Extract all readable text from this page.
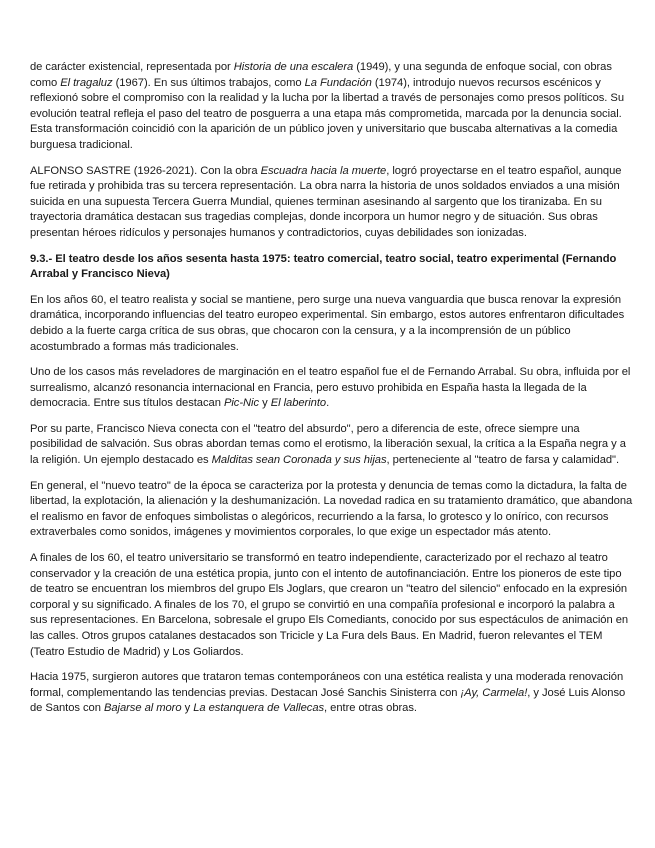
de carácter existencial, representada por Historia de una escalera (1949), y una segunda de enfoque social, con obras como El tragaluz (1967). En sus últimos trabajos, como La Fundación (1974), introdujo nuevos recursos escénicos y reflexionó sobre el compromiso con la realidad y la lucha por la libertad a través de personajes como presos políticos. Su evolución teatral refleja el paso del teatro de posguerra a una etapa más comprometida, marcada por la denuncia social. Esta transformación coincidió con la aparición de un público joven y universitario que buscaba alternativas a la comedia burguesa tradicional.

ALFONSO SASTRE (1926-2021). Con la obra Escuadra hacia la muerte, logró proyectarse en el teatro español, aunque fue retirada y prohibida tras su tercera representación. La obra narra la historia de unos soldados enviados a una misión suicida en una supuesta Tercera Guerra Mundial, quienes terminan asesinando al sargento que los tiranizaba. En su trayectoria dramática destacan sus tragedias complejas, donde incorpora un humor negro y de situación. Sus obras presentan héroes ridículos y personajes humanos y contradictorios, cuyas debilidades son ionizadas.

9.3.- El teatro desde los años sesenta hasta 1975: teatro comercial, teatro social, teatro experimental (Fernando Arrabal y Francisco Nieva)

En los años 60, el teatro realista y social se mantiene, pero surge una nueva vanguardia que busca renovar la expresión dramática, incorporando influencias del teatro europeo experimental. Sin embargo, estos autores enfrentaron dificultades debido a la fuerte carga crítica de sus obras, que chocaron con la censura, y a la incomprensión de un público acostumbrado a formas más tradicionales.

Uno de los casos más reveladores de marginación en el teatro español fue el de Fernando Arrabal. Su obra, influida por el surrealismo, alcanzó resonancia internacional en Francia, pero estuvo prohibida en España hasta la llegada de la democracia. Entre sus títulos destacan Pic-Nic y El laberinto.

Por su parte, Francisco Nieva conecta con el "teatro del absurdo", pero a diferencia de este, ofrece siempre una posibilidad de salvación. Sus obras abordan temas como el erotismo, la liberación sexual, la crítica a la España negra y a la religión. Un ejemplo destacado es Malditas sean Coronada y sus hijas, perteneciente al "teatro de farsa y calamidad".

En general, el "nuevo teatro" de la época se caracteriza por la protesta y denuncia de temas como la dictadura, la falta de libertad, la explotación, la alienación y la deshumanización. La novedad radica en su tratamiento dramático, que abandona el realismo en favor de enfoques simbolistas o alegóricos, recurriendo a la farsa, lo grotesco y lo onírico, con recursos extraverbales como sonidos, imágenes y movimientos corporales, lo que exige un espectador más atento.

A finales de los 60, el teatro universitario se transformó en teatro independiente, caracterizado por el rechazo al teatro conservador y la creación de una estética propia, junto con el intento de autofinanciación. Entre los pioneros de este tipo de teatro se encuentran los miembros del grupo Els Joglars, que crearon un "teatro del silencio" enfocado en la expresión corporal y su significado. A finales de los 70, el grupo se convirtió en una compañía profesional e incorporó la palabra a sus representaciones. En Barcelona, sobresale el grupo Els Comediants, conocido por sus espectáculos de animación en las calles. Otros grupos catalanes destacados son Tricicle y La Fura dels Baus. En Madrid, fueron relevantes el TEM (Teatro Estudio de Madrid) y Los Goliardos.

Hacia 1975, surgieron autores que trataron temas contemporáneos con una estética realista y una moderada renovación formal, complementando las tendencias previas. Destacan José Sanchis Sinisterra con ¡Ay, Carmela!, y José Luis Alonso de Santos con Bajarse al moro y La estanquera de Vallecas, entre otras obras.
